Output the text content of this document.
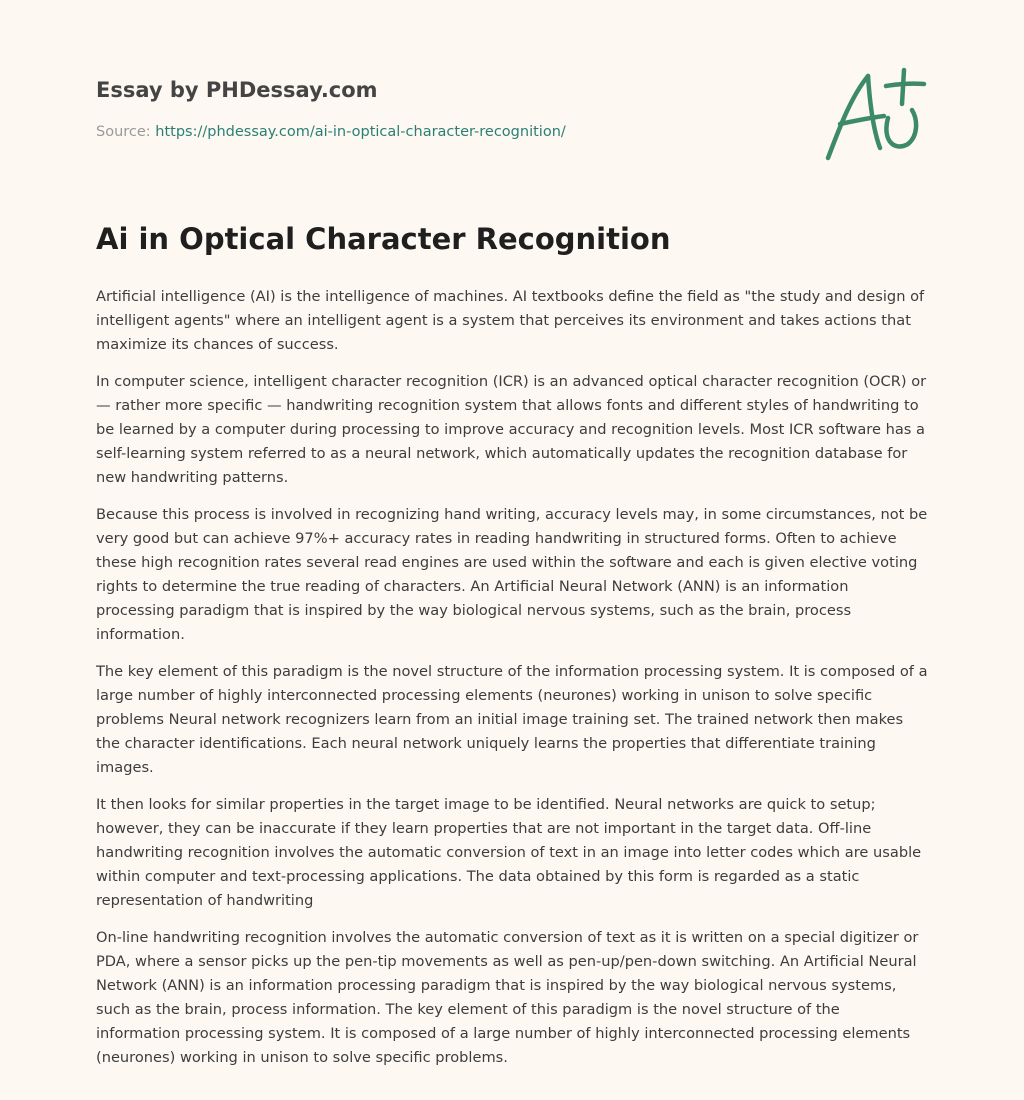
Essay by PHDessay.com
Source: https://phdessay.com/ai-in-optical-character-recognition/
Ai in Optical Character Recognition

Artificial intelligence (AI) is the intelligence of machines. AI textbooks define the field as "the study and design of intelligent agents" where an intelligent agent is a system that perceives its environment and takes actions that maximize its chances of success.

In computer science, intelligent character recognition (ICR) is an advanced optical character recognition (OCR) or — rather more specific — handwriting recognition system that allows fonts and different styles of handwriting to be learned by a computer during processing to improve accuracy and recognition levels. Most ICR software has a self-learning system referred to as a neural network, which automatically updates the recognition database for new handwriting patterns.

Because this process is involved in recognizing hand writing, accuracy levels may, in some circumstances, not be very good but can achieve 97%+ accuracy rates in reading handwriting in structured forms. Often to achieve these high recognition rates several read engines are used within the software and each is given elective voting rights to determine the true reading of characters. An Artificial Neural Network (ANN) is an information processing paradigm that is inspired by the way biological nervous systems, such as the brain, process information.

The key element of this paradigm is the novel structure of the information processing system. It is composed of a large number of highly interconnected processing elements (neurones) working in unison to solve specific problems Neural network recognizers learn from an initial image training set. The trained network then makes the character identifications. Each neural network uniquely learns the properties that differentiate training images.

It then looks for similar properties in the target image to be identified. Neural networks are quick to setup; however, they can be inaccurate if they learn properties that are not important in the target data. Off-line handwriting recognition involves the automatic conversion of text in an image into letter codes which are usable within computer and text-processing applications. The data obtained by this form is regarded as a static representation of handwriting

On-line handwriting recognition involves the automatic conversion of text as it is written on a special digitizer or PDA, where a sensor picks up the pen-tip movements as well as pen-up/pen-down switching. An Artificial Neural Network (ANN) is an information processing paradigm that is inspired by the way biological nervous systems, such as the brain, process information. The key element of this paradigm is the novel structure of the information processing system. It is composed of a large number of highly interconnected processing elements (neurones) working in unison to solve specific problems.
